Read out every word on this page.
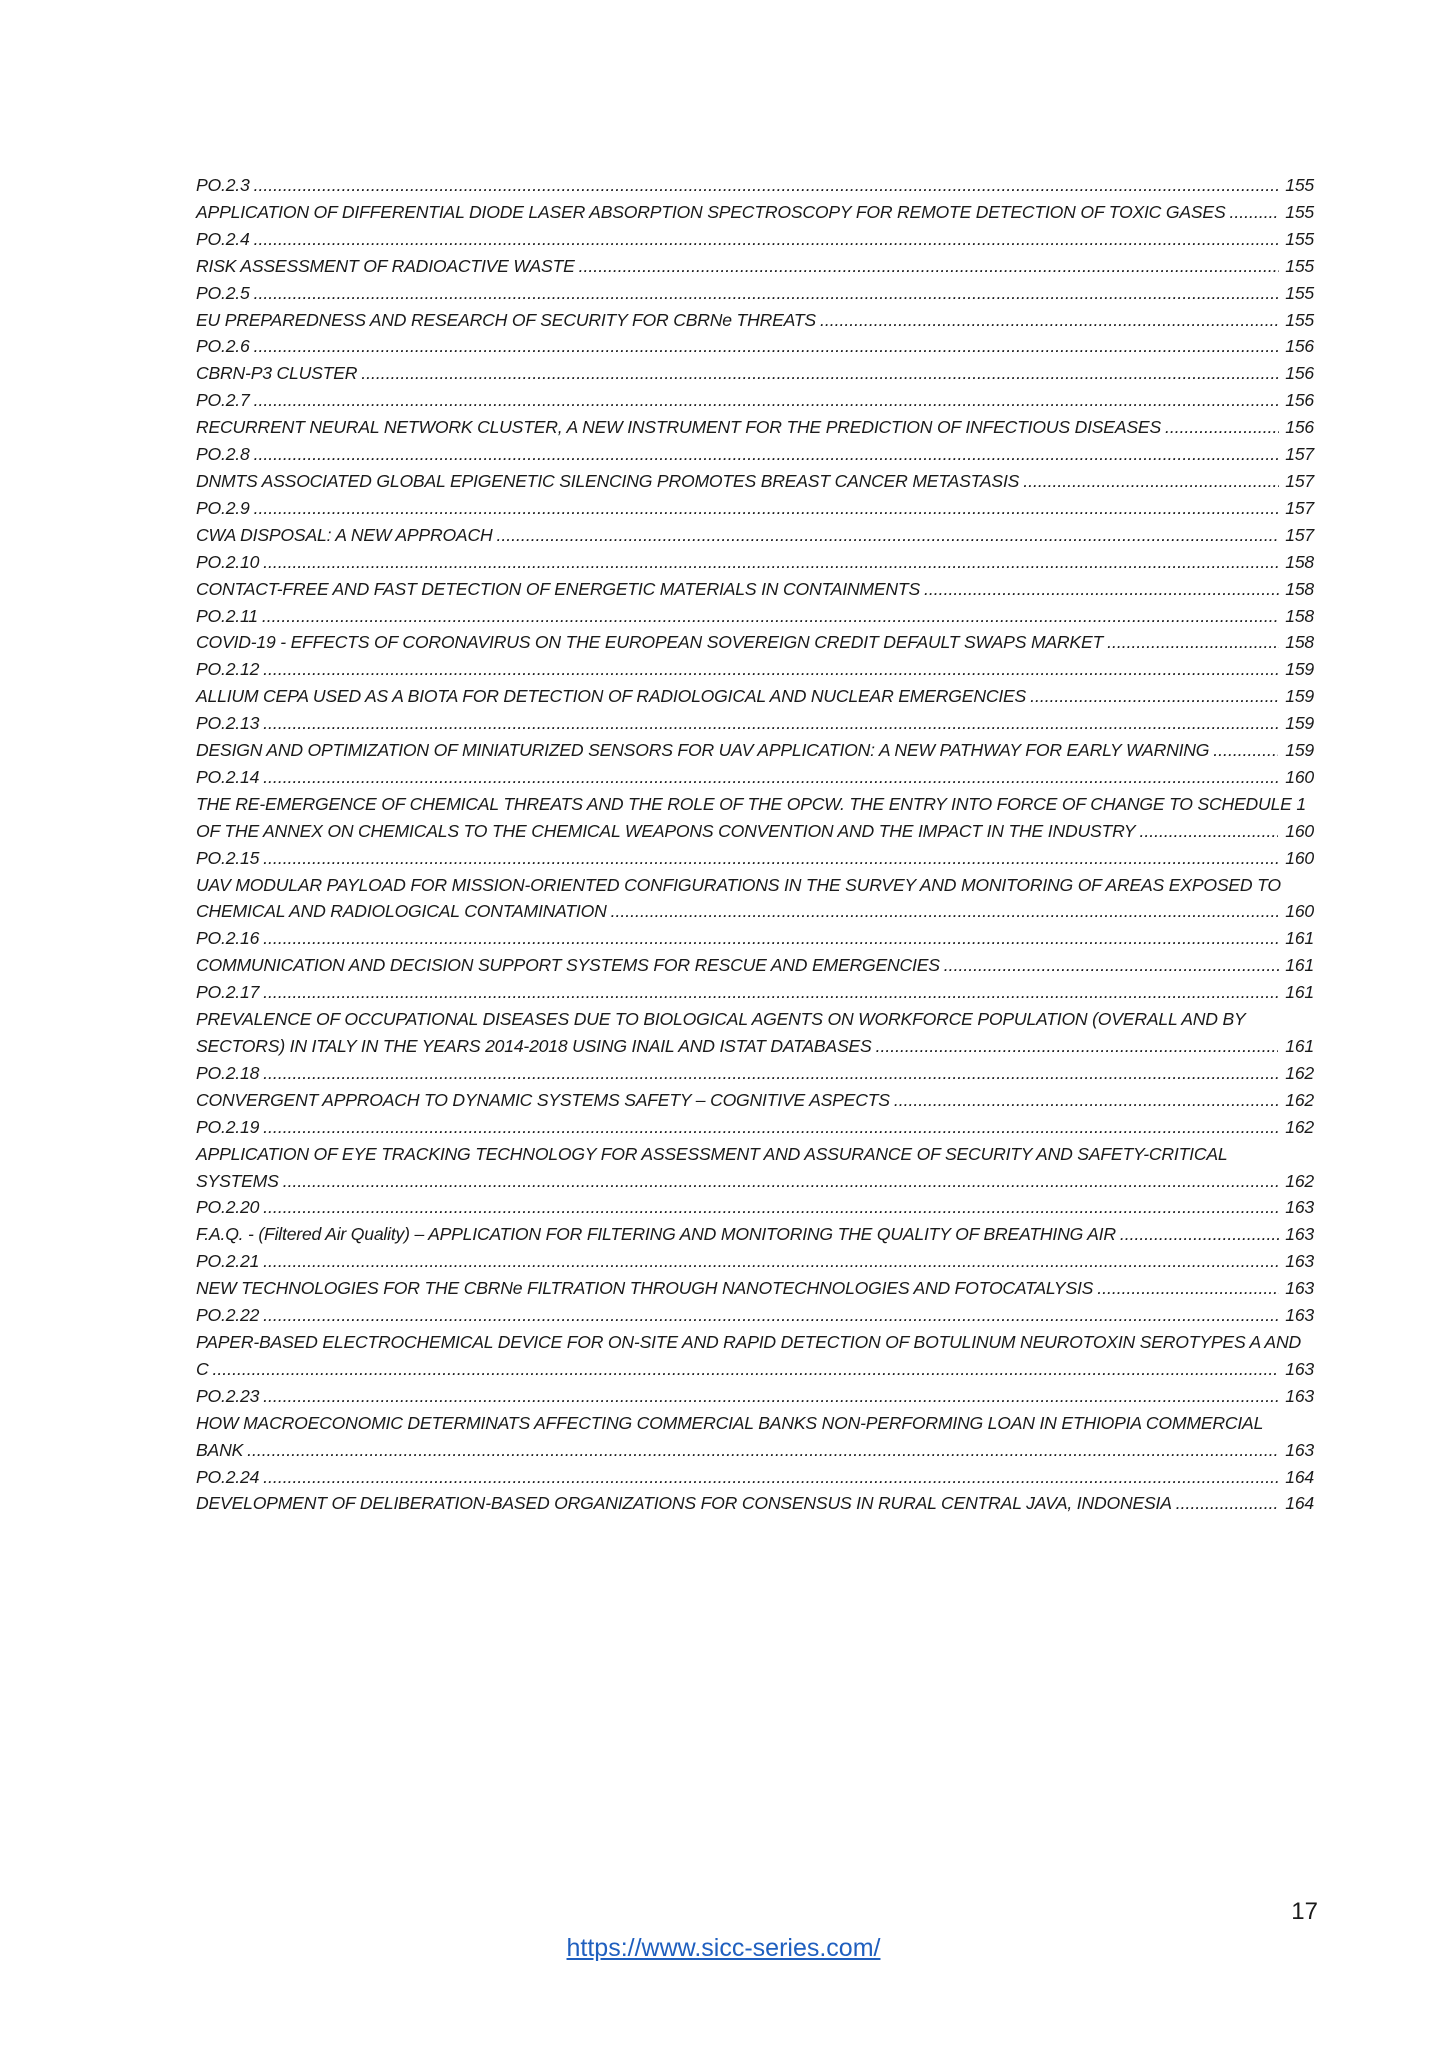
PO.2.3 .....	155
APPLICATION OF DIFFERENTIAL DIODE LASER ABSORPTION SPECTROSCOPY FOR REMOTE DETECTION OF TOXIC GASES.....	155
PO.2.4 .....	155
RISK ASSESSMENT OF RADIOACTIVE WASTE .....	155
PO.2.5 .....	155
EU PREPAREDNESS AND RESEARCH OF SECURITY FOR CBRNe THREATS .....	155
PO.2.6 .....	156
CBRN-P3 CLUSTER .....	156
PO.2.7 .....	156
RECURRENT NEURAL NETWORK CLUSTER, A NEW INSTRUMENT FOR THE PREDICTION OF INFECTIOUS DISEASES .....	156
PO.2.8 .....	157
DNMTS ASSOCIATED GLOBAL EPIGENETIC SILENCING PROMOTES BREAST CANCER METASTASIS .....	157
PO.2.9 .....	157
CWA DISPOSAL: A NEW APPROACH .....	157
PO.2.10 .....	158
CONTACT-FREE AND FAST DETECTION OF ENERGETIC MATERIALS IN CONTAINMENTS .....	158
PO.2.11 .....	158
COVID-19 - EFFECTS OF CORONAVIRUS ON THE EUROPEAN SOVEREIGN CREDIT DEFAULT SWAPS MARKET .....	158
PO.2.12 .....	159
ALLIUM CEPA USED AS A BIOTA FOR DETECTION OF RADIOLOGICAL AND NUCLEAR EMERGENCIES .....	159
PO.2.13 .....	159
DESIGN AND OPTIMIZATION OF MINIATURIZED SENSORS FOR UAV APPLICATION: A NEW PATHWAY FOR EARLY WARNING.....	159
PO.2.14 .....	160
THE RE-EMERGENCE OF CHEMICAL THREATS AND THE ROLE OF THE OPCW. THE ENTRY INTO FORCE OF CHANGE TO SCHEDULE 1 OF THE ANNEX ON CHEMICALS TO THE CHEMICAL WEAPONS CONVENTION AND THE IMPACT IN THE INDUSTRY.....	160
PO.2.15 .....	160
UAV MODULAR PAYLOAD FOR MISSION-ORIENTED CONFIGURATIONS IN THE SURVEY AND MONITORING OF AREAS EXPOSED TO CHEMICAL AND RADIOLOGICAL CONTAMINATION.....	160
PO.2.16 .....	161
COMMUNICATION AND DECISION SUPPORT SYSTEMS FOR RESCUE AND EMERGENCIES .....	161
PO.2.17 .....	161
PREVALENCE OF OCCUPATIONAL DISEASES DUE TO BIOLOGICAL AGENTS ON WORKFORCE POPULATION (OVERALL AND BY SECTORS) IN ITALY IN THE YEARS 2014-2018 USING INAIL AND ISTAT DATABASES.....	161
PO.2.18 .....	162
CONVERGENT APPROACH TO DYNAMIC SYSTEMS SAFETY – COGNITIVE ASPECTS .....	162
PO.2.19 .....	162
APPLICATION OF EYE TRACKING TECHNOLOGY FOR ASSESSMENT AND ASSURANCE OF SECURITY AND SAFETY-CRITICAL SYSTEMS.....	162
PO.2.20 .....	163
F.A.Q. - (Filtered Air Quality) – APPLICATION FOR FILTERING AND MONITORING THE QUALITY OF BREATHING AIR .....	163
PO.2.21 .....	163
NEW TECHNOLOGIES FOR THE CBRNe FILTRATION THROUGH NANOTECHNOLOGIES AND FOTOCATALYSIS .....	163
PO.2.22 .....	163
PAPER-BASED ELECTROCHEMICAL DEVICE FOR ON-SITE AND RAPID DETECTION OF BOTULINUM NEUROTOXIN SEROTYPES A AND C.....	163
PO.2.23 .....	163
HOW MACROECONOMIC DETERMINATS AFFECTING COMMERCIAL BANKS NON-PERFORMING LOAN IN ETHIOPIA COMMERCIAL BANK.....	163
PO.2.24 .....	164
DEVELOPMENT OF DELIBERATION-BASED ORGANIZATIONS FOR CONSENSUS IN RURAL CENTRAL JAVA, INDONESIA .....	164
17
https://www.sicc-series.com/
